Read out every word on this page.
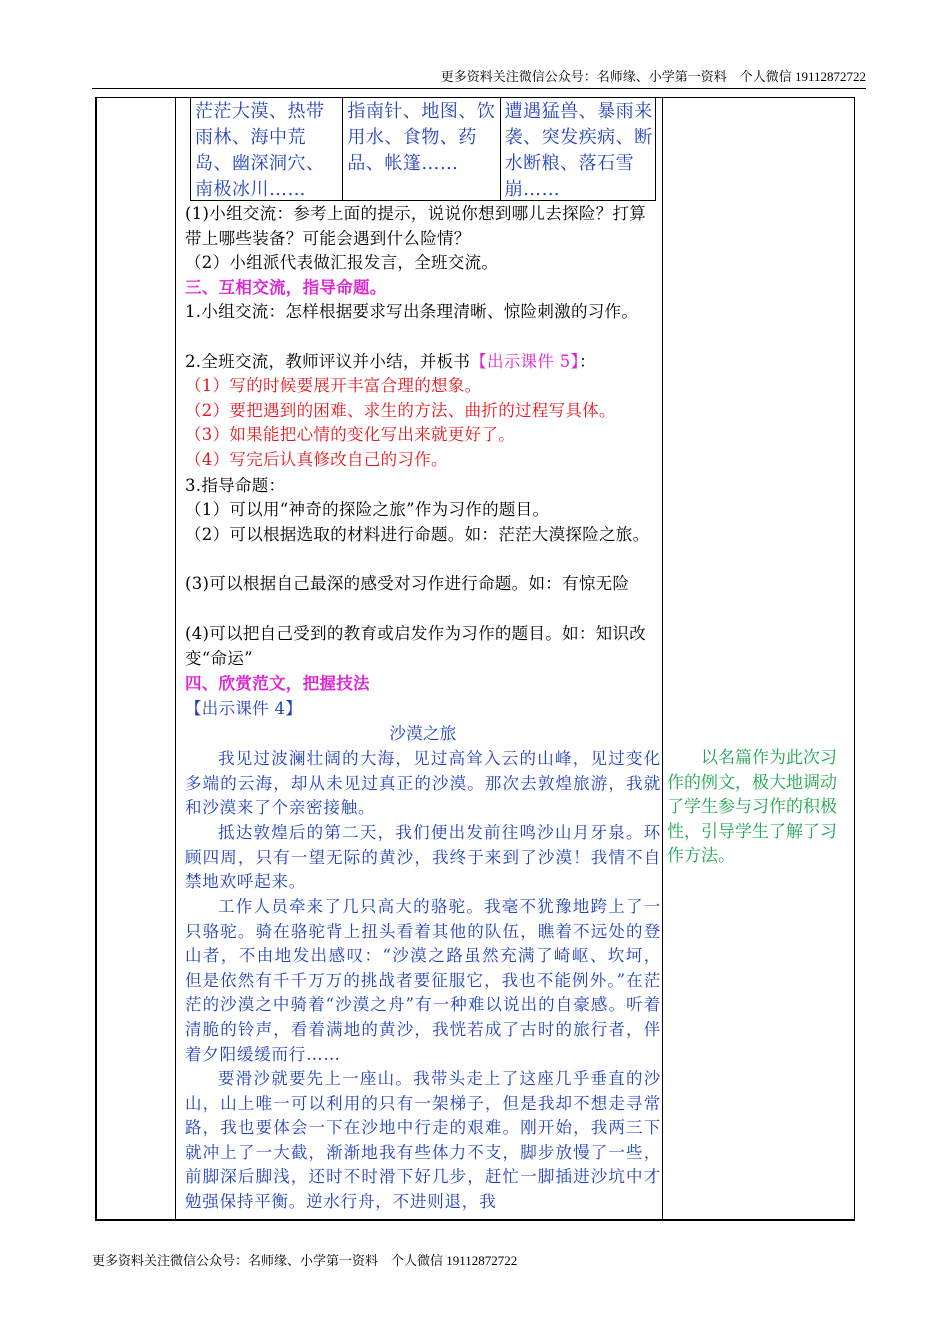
更多资料关注微信公众号：名师缘、小学第一资料　个人微信 19112872722
茫茫大漠、热带雨林、海中荒岛、幽深洞穴、南极冰川……
指南针、地图、饮用水、食物、药品、帐篷……
遭遇猛兽、暴雨来袭、突发疾病、断水断粮、落石雪崩……
(1)小组交流：参考上面的提示，说说你想到哪儿去探险？打算带上哪些装备？可能会遇到什么险情？
（2）小组派代表做汇报发言，全班交流。
三、互相交流，指导命题。
1.小组交流：怎样根据要求写出条理清晰、惊险刺激的习作。
2.全班交流，教师评议并小结，并板书【出示课件 5】：
（1）写的时候要展开丰富合理的想象。
（2）要把遇到的困难、求生的方法、曲折的过程写具体。
（3）如果能把心情的变化写出来就更好了。
（4）写完后认真修改自己的习作。
3.指导命题：
（1）可以用“神奇的探险之旅”作为习作的题目。
（2）可以根据选取的材料进行命题。如：茫茫大漠探险之旅。
(3)可以根据自己最深的感受对习作进行命题。如：有惊无险
(4)可以把自己受到的教育或启发作为习作的题目。如：知识改变“命运”
四、欣赏范文，把握技法
【出示课件 4】
沙漠之旅
我见过波澜壮阔的大海，见过高耸入云的山峰，见过变化多端的云海，却从未见过真正的沙漠。那次去敦煌旅游，我就和沙漠来了个亲密接触。
抵达敦煌后的第二天，我们便出发前往鸣沙山月牙泉。环顾四周，只有一望无际的黄沙，我终于来到了沙漠！我情不自禁地欢呼起来。
工作人员牵来了几只高大的骆驼。我毫不犹豫地跨上了一只骆驼。骑在骆驼背上扭头看着其他的队伍，瞧着不远处的登山者，不由地发出感叹：“沙漠之路虽然充满了崎岖、坎坷，但是依然有千千万万的挑战者要征服它，我也不能例外。”在茫茫的沙漠之中骑着“沙漠之舟”有一种难以说出的自豪感。听着清脆的铃声，看着满地的黄沙，我恍若成了古时的旅行者，伴着夕阳缓缓而行……
要滑沙就要先上一座山。我带头走上了这座几乎垂直的沙山，山上唯一可以利用的只有一架梯子，但是我却不想走寻常路，我也要体会一下在沙地中行走的艰难。刚开始，我两三下就冲上了一大截，渐渐地我有些体力不支，脚步放慢了一些，前脚深后脚浅，还时不时滑下好几步，赶忙一脚插进沙坑中才勉强保持平衡。逆水行舟，不进则退，我
以名篇作为此次习作的例文，极大地调动了学生参与习作的积极性，引导学生了解了习作方法。
更多资料关注微信公众号：名师缘、小学第一资料　个人微信 19112872722
